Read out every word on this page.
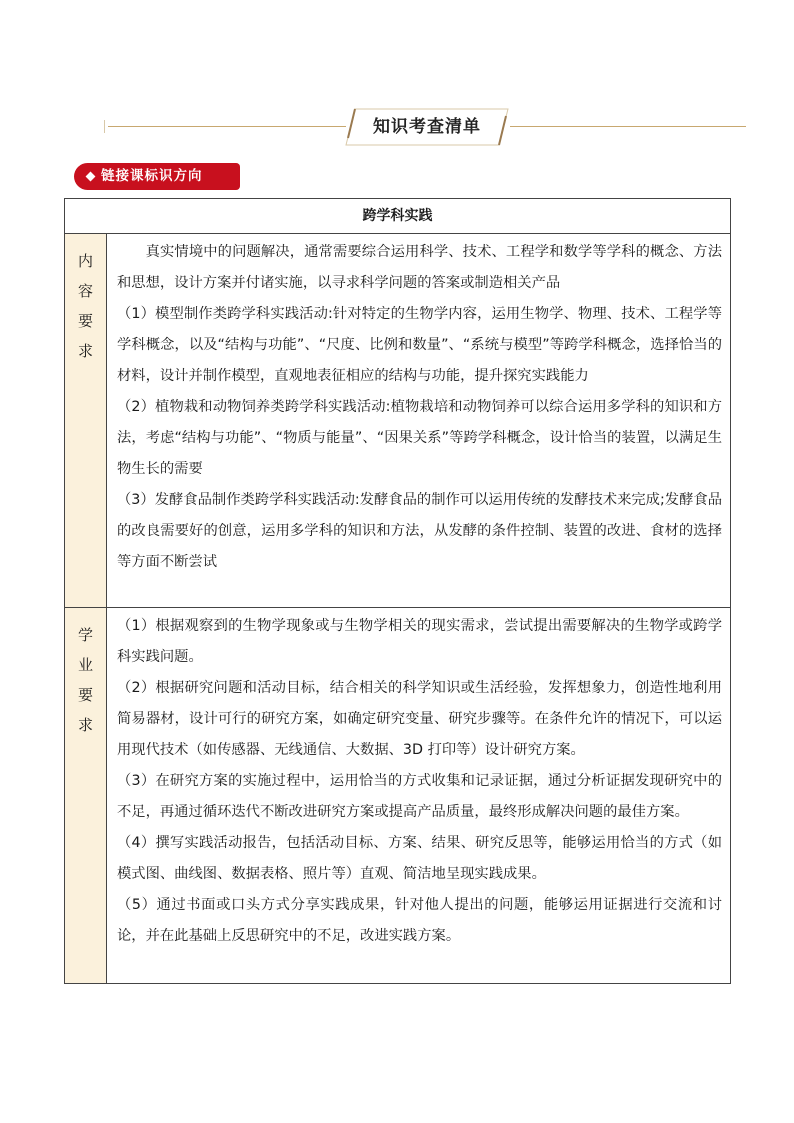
知识考查清单
链接课标识方向
跨学科实践
内
容
要
求

真实情境中的问题解决，通常需要综合运用科学、技术、工程学和数学等学科的概念、方法和思想，设计方案并付诸实施，以寻求科学问题的答案或制造相关产品

（1）模型制作类跨学科实践活动:针对特定的生物学内容，运用生物学、物理、技术、工程学等学科概念，以及“结构与功能”、“尺度、比例和数量”、“系统与模型”等跨学科概念，选择恰当的材料，设计并制作模型，直观地表征相应的结构与功能，提升探究实践能力

（2）植物栽和动物饲养类跨学科实践活动:植物栽培和动物饲养可以综合运用多学科的知识和方法，考虑“结构与功能”、“物质与能量”、“因果关系”等跨学科概念，设计恰当的装置，以满足生物生长的需要

（3）发酵食品制作类跨学科实践活动:发酵食品的制作可以运用传统的发酵技术来完成;发酵食品的改良需要好的创意，运用多学科的知识和方法，从发酵的条件控制、装置的改进、食材的选择等方面不断尝试

学
业
要
求

（1）根据观察到的生物学现象或与生物学相关的现实需求，尝试提出需要解决的生物学或跨学科实践问题。

（2）根据研究问题和活动目标，结合相关的科学知识或生活经验，发挥想象力，创造性地利用简易器材，设计可行的研究方案，如确定研究变量、研究步骤等。在条件允许的情况下，可以运用现代技术（如传感器、无线通信、大数据、3D 打印等）设计研究方案。

（3）在研究方案的实施过程中，运用恰当的方式收集和记录证据，通过分析证据发现研究中的不足，再通过循环迭代不断改进研究方案或提高产品质量，最终形成解决问题的最佳方案。

（4）撰写实践活动报告，包括活动目标、方案、结果、研究反思等，能够运用恰当的方式（如模式图、曲线图、数据表格、照片等）直观、简洁地呈现实践成果。

（5）通过书面或口头方式分享实践成果，针对他人提出的问题，能够运用证据进行交流和讨论，并在此基础上反思研究中的不足，改进实践方案。
